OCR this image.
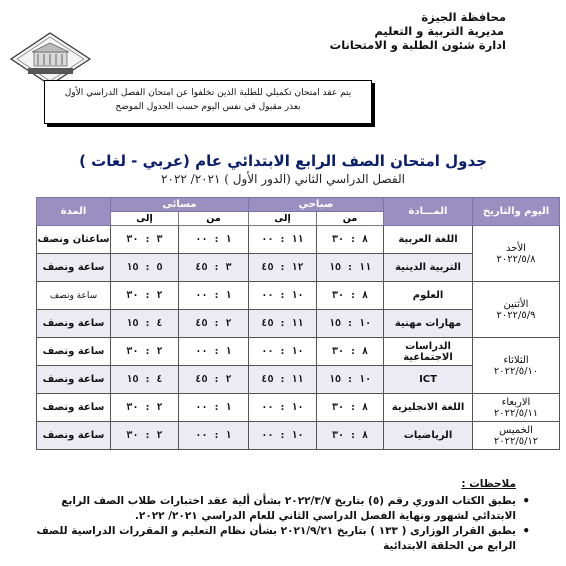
محافظة الجيزة
مديرية التربية و التعليم
ادارة شئون الطلبة و الامتحانات
يتم عقد امتحان تكميلي للطلبة الذين تخلفوا عن امتحان الفصل الدراسي الأول
بعذر مقبول في نفس اليوم حسب الجدول الموضح
جدول امتحان الصف الرابع الابتدائي عام (عربي - لغات )
الفصل الدراسي الثاني (الدور الأول ) ٢٠٢١/ ٢٠٢٢
اليوم والتاريخ	المـــادة	صباحي		مسائى		المدة
		من	إلى	من	إلى	

الأحد
٢٠٢٢/٥/٨	اللغة العربية	٨ : ٣٠	١١ : ٠٠	١ : ٠٠	٣ : ٣٠	ساعتان ونصف
	التربية الدينية	١١ : ١٥	١٢ : ٤٥	٣ : ٤٥	٥ : ١٥	ساعة ونصف

الأثنين
٢٠٢٢/٥/٩	العلوم	٨ : ٣٠	١٠ : ٠٠	١ : ٠٠	٢ : ٣٠	ساعة ونصف
	مهارات مهنية	١٠ : ١٥	١١ : ٤٥	٢ : ٤٥	٤ : ١٥	ساعة ونصف

الثلاثاء
٢٠٢٢/٥/١٠	الدراسات الاجتماعية	٨ : ٣٠	١٠ : ٠٠	١ : ٠٠	٢ : ٣٠	ساعة ونصف
	ICT	١٠ : ١٥	١١ : ٤٥	٢ : ٤٥	٤ : ١٥	ساعة ونصف

الاربعاء
٢٠٢٢/٥/١١	اللغة الانجليزية	٨ : ٣٠	١٠ : ٠٠	١ : ٠٠	٢ : ٣٠	ساعة ونصف

الخميس
٢٠٢٢/٥/١٢	الرياضيات	٨ : ٣٠	١٠ : ٠٠	١ : ٠٠	٢ : ٣٠	ساعة ونصف
ملاحظات :
• يطبق الكتاب الدوري رقم (٥) بتاريخ ٢٠٢٢/٣/٧ بشأن ألية عقد اختبارات طلاب الصف الرابع الابتدائي لشهور ونهاية الفصل الدراسي الثاني للعام الدراسي ٢٠٢١/ ٢٠٢٢.
• يطبق القرار الوزارى ( ١٣٣ ) بتاريخ ٢٠٢١/٩/٢١ بشأن نظام التعليم و المقررات الدراسية للصف الرابع من الحلقة الابتدائية
